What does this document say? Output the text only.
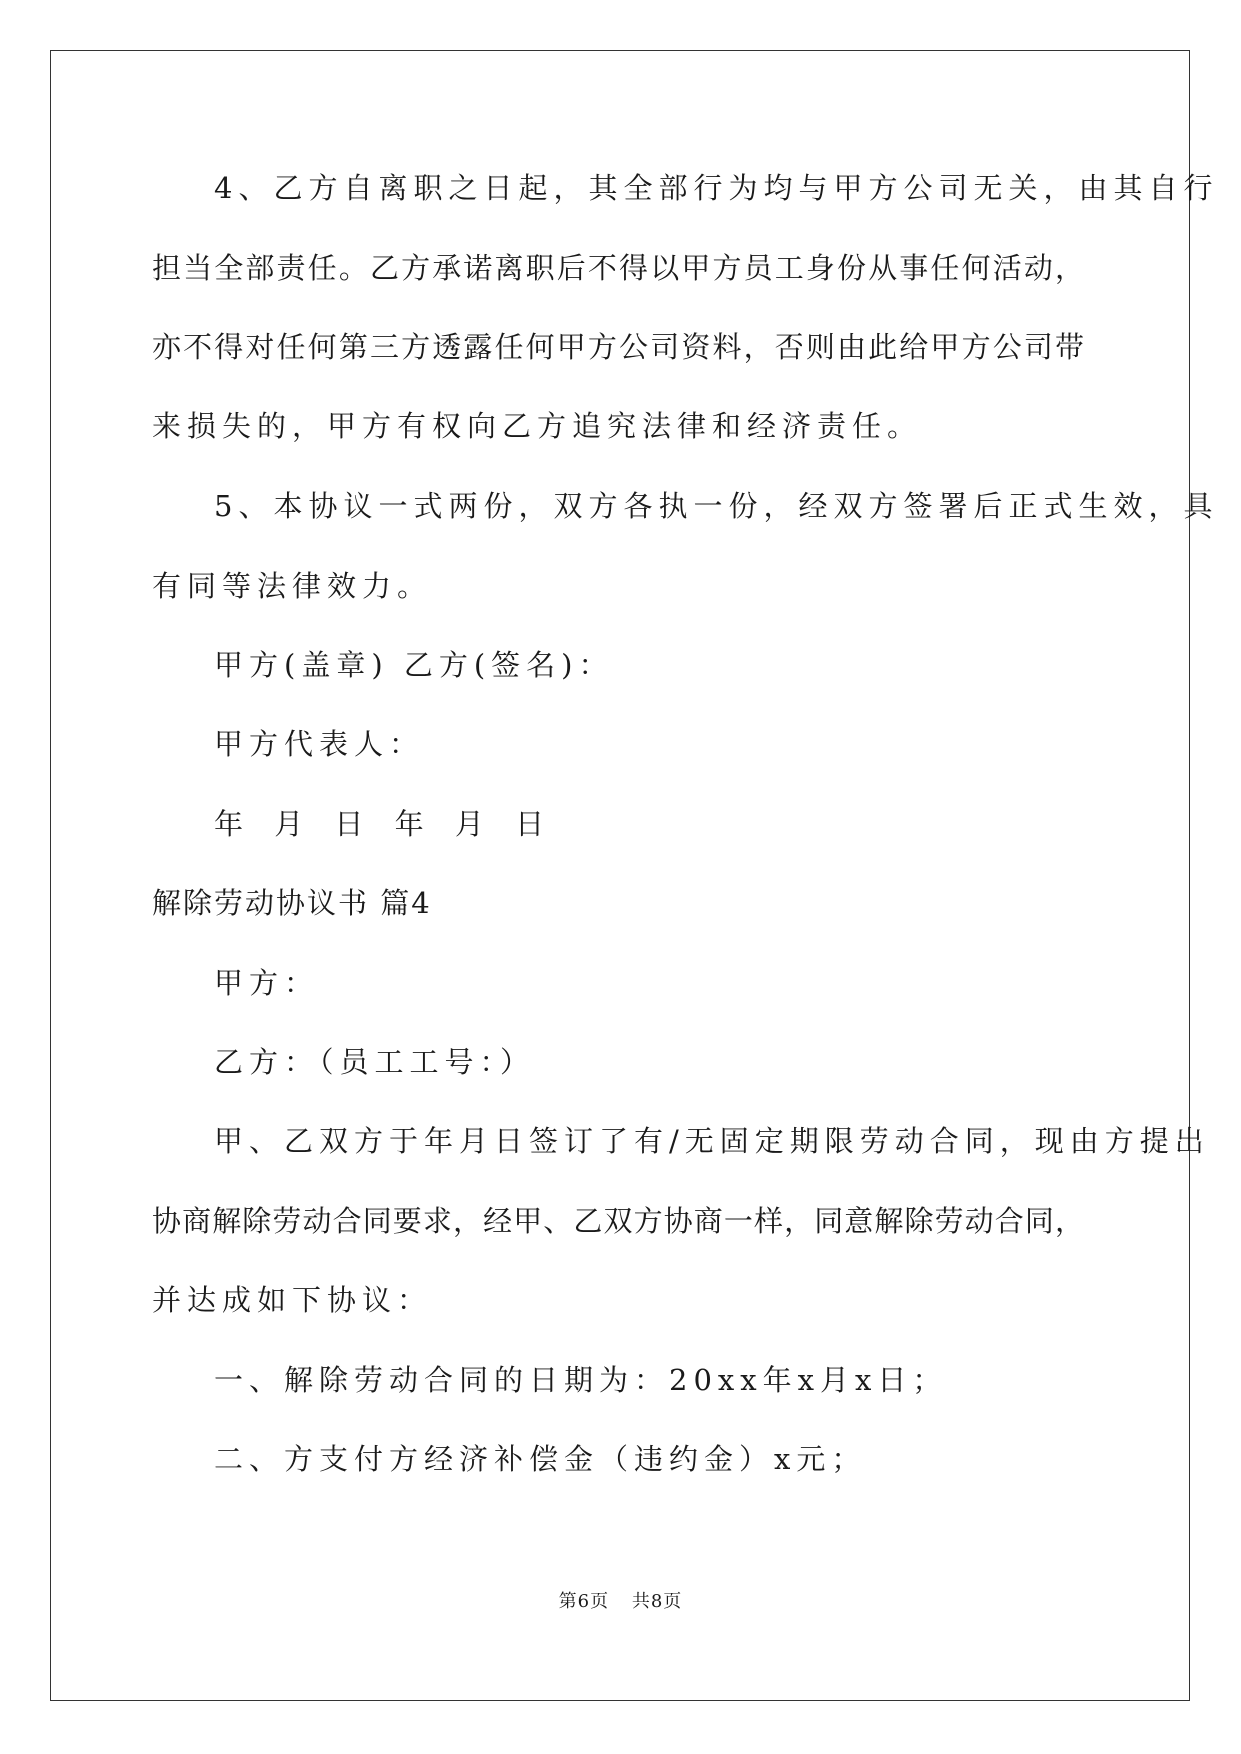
4、乙方自离职之日起，其全部行为均与甲方公司无关，由其自行
担当全部责任。乙方承诺离职后不得以甲方员工身份从事任何活动，
亦不得对任何第三方透露任何甲方公司资料，否则由此给甲方公司带
来损失的，甲方有权向乙方追究法律和经济责任。
5、本协议一式两份，双方各执一份，经双方签署后正式生效，具
有同等法律效力。
甲方(盖章) 乙方(签名)：
甲方代表人：
年 月 日 年 月 日
解除劳动协议书 篇4
甲方：
乙方：（员工工号：）
甲、乙双方于年月日签订了有/无固定期限劳动合同，现由方提出
协商解除劳动合同要求，经甲、乙双方协商一样，同意解除劳动合同，
并达成如下协议：
一、解除劳动合同的日期为：20xx年x月x日；
二、方支付方经济补偿金（违约金）x元；
第6页 共8页
